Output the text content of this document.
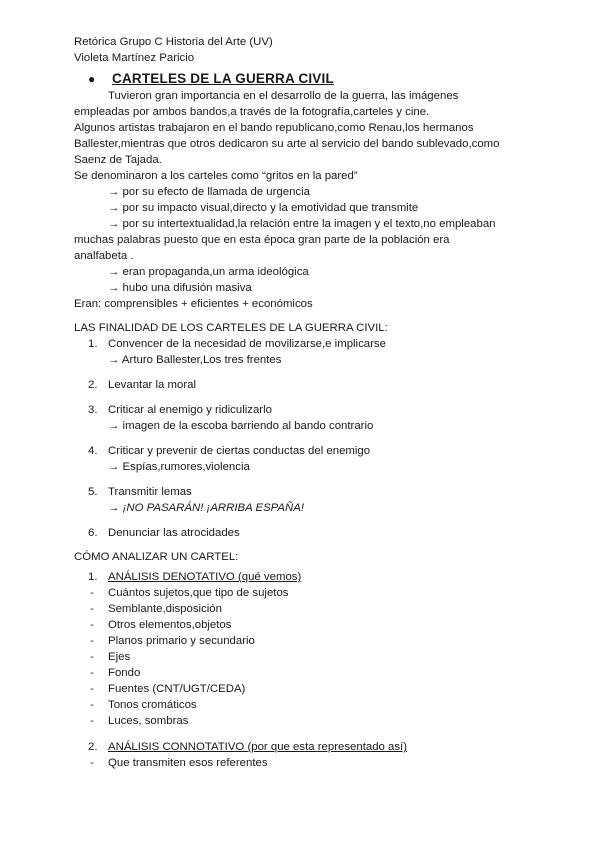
Retórica Grupo C Historia del Arte (UV)
Violeta Martínez Paricio
● CARTELES DE LA GUERRA CIVIL
Tuvieron gran importancia en el desarrollo de la guerra, las imágenes
empleadas por ambos bandos,a través de la fotografía,carteles y cine.
Algunos artistas trabajaron en el bando republicano,como Renau,los hermanos
Ballester,mientras que otros dedicaron su arte al servicio del bando sublevado,como
Saenz de Tajada.
Se denominaron a los carteles como “gritos en la pared”
→ por su efecto de llamada de urgencia
→ por su impacto visual,directo y la emotividad que transmite
→ por su intertextualidad,la relación entre la imagen y el texto,no empleaban
muchas palabras puesto que en esta época gran parte de la población era
analfabeta .
→ eran propaganda,un arma ideológica
→ hubo una difusión masiva
Eran: comprensibles + eficientes + económicos
LAS FINALIDAD DE LOS CARTELES DE LA GUERRA CIVIL:
1. Convencer de la necesidad de movilizarse,e implicarse
→ Arturo Ballester,Los tres frentes
2. Levantar la moral
3. Criticar al enemigo y ridiculizarlo
→ imagen de la escoba barriendo al bando contrario
4. Criticar y prevenir de ciertas conductas del enemigo
→ Espías,rumores,violencia
5. Transmitir lemas
→ ¡NO PASARÁN! ¡ARRIBA ESPAÑA!
6. Denunciar las atrocidades
CÓMO ANALIZAR UN CARTEL:
1. ANÁLISIS DENOTATIVO (qué vemos)
-	Cuántos sujetos,que tipo de sujetos
-	Semblante,disposición
-	Otros elementos,objetos
-	Planos primario y secundario
-	Ejes
-	Fondo
-	Fuentes (CNT/UGT/CEDA)
-	Tonos cromáticos
-	Luces, sombras
2. ANÁLISIS CONNOTATIVO (por que esta representado así)
-	Que transmiten esos referentes
